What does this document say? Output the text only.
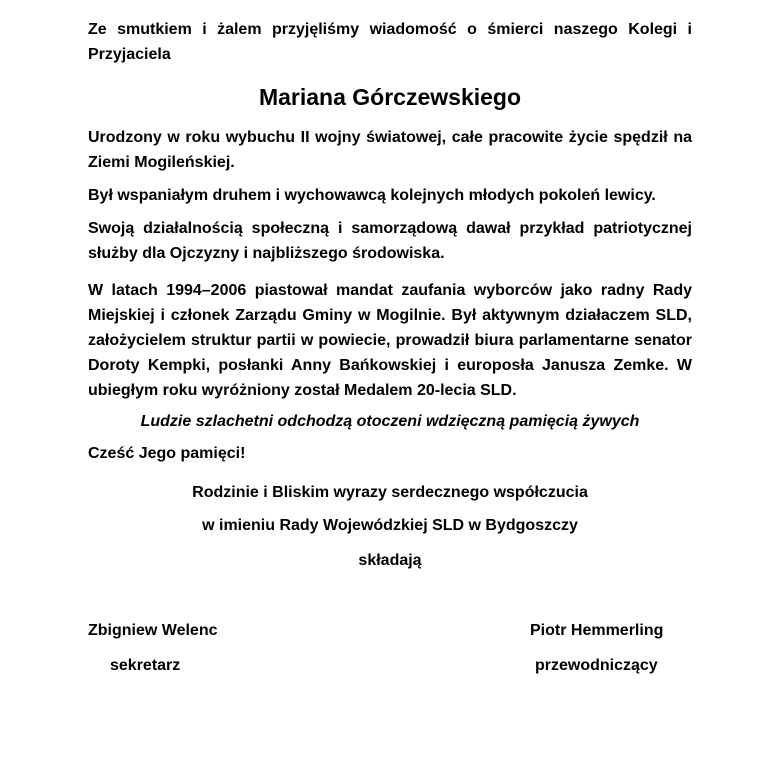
Ze smutkiem i żalem przyjęliśmy wiadomość o śmierci naszego Kolegi i Przyjaciela

Mariana Górczewskiego

Urodzony w roku wybuchu II wojny światowej, całe pracowite życie spędził na Ziemi Mogileńskiej.

Był wspaniałym druhem i wychowawcą kolejnych młodych pokoleń lewicy.

Swoją działalnością społeczną i samorządową dawał przykład patriotycznej służby dla Ojczyzny i najbliższego środowiska.

W latach 1994–2006 piastował mandat zaufania wyborców jako radny Rady Miejskiej i członek Zarządu Gminy w Mogilnie. Był aktywnym działaczem SLD, założycielem struktur partii w powiecie, prowadził biura parlamentarne senator Doroty Kempki, posłanki Anny Bańkowskiej i europosła Janusza Zemke. W ubiegłym roku wyróżniony został Medalem 20-lecia SLD.

Ludzie szlachetni odchodzą otoczeni wdzięczną pamięcią żywych

Cześć Jego pamięci!

Rodzinie i Bliskim wyrazy serdecznego współczucia

w imieniu Rady Wojewódzkiej SLD w Bydgoszczy

składają

Zbigniew Welenc	Piotr Hemmerling
sekretarz	przewodniczący
